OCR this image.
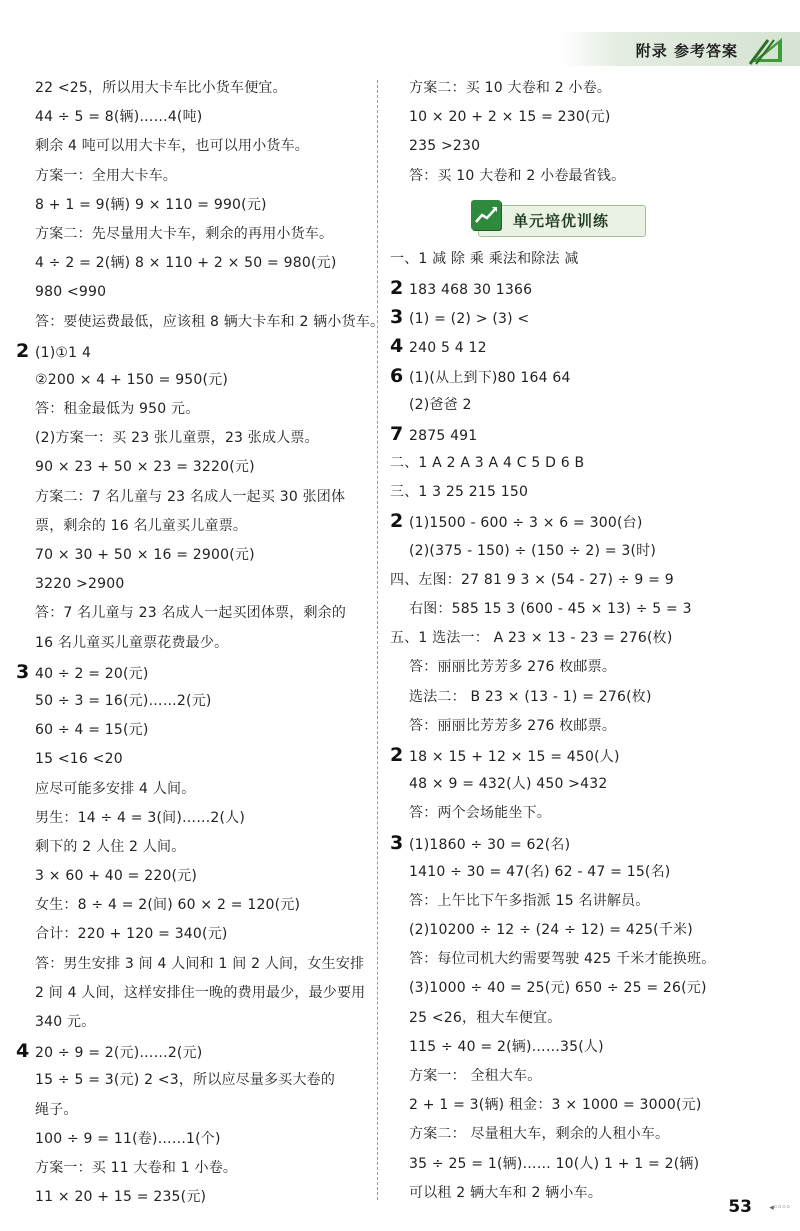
附录 参考答案
22 <25，所以用大卡车比小货车便宜。
44 ÷ 5 = 8(辆)……4(吨)
剩余 4 吨可以用大卡车，也可以用小货车。
方案一：全用大卡车。
8 + 1 = 9(辆) 9 × 110 = 990(元)
方案二：先尽量用大卡车，剩余的再用小货车。
4 ÷ 2 = 2(辆) 8 × 110 + 2 × 50 = 980(元)
980 <990
答：要使运费最低，应该租 8 辆大卡车和 2 辆小货车。
2 (1)①1 4
②200 × 4 + 150 = 950(元)
答：租金最低为 950 元。
(2)方案一：买 23 张儿童票，23 张成人票。
90 × 23 + 50 × 23 = 3220(元)
方案二：7 名儿童与 23 名成人一起买 30 张团体
票，剩余的 16 名儿童买儿童票。
70 × 30 + 50 × 16 = 2900(元)
3220 >2900
答：7 名儿童与 23 名成人一起买团体票，剩余的
16 名儿童买儿童票花费最少。
3 40 ÷ 2 = 20(元)
50 ÷ 3 = 16(元)……2(元)
60 ÷ 4 = 15(元)
15 <16 <20
应尽可能多安排 4 人间。
男生：14 ÷ 4 = 3(间)……2(人)
剩下的 2 人住 2 人间。
3 × 60 + 40 = 220(元)
女生：8 ÷ 4 = 2(间) 60 × 2 = 120(元)
合计：220 + 120 = 340(元)
答：男生安排 3 间 4 人间和 1 间 2 人间，女生安排
2 间 4 人间，这样安排住一晚的费用最少，最少要用
340 元。
4 20 ÷ 9 = 2(元)……2(元)
15 ÷ 5 = 3(元) 2 <3，所以应尽量多买大卷的
绳子。
100 ÷ 9 = 11(卷)……1(个)
方案一：买 11 大卷和 1 小卷。
11 × 20 + 15 = 235(元)
方案二：买 10 大卷和 2 小卷。
10 × 20 + 2 × 15 = 230(元)
235 >230
答：买 10 大卷和 2 小卷最省钱。
单元培优训练
一、1 减 除 乘 乘法和除法 减
2 183 468 30 1366
3 (1) = (2) > (3) <
4 240 5 4 12
6 (1)(从上到下)80 164 64
(2)爸爸 2
7 2875 491
二、1 A 2 A 3 A 4 C 5 D 6 B
三、1 3 25 215 150
2 (1)1500 - 600 ÷ 3 × 6 = 300(台)
(2)(375 - 150) ÷ (150 ÷ 2) = 3(时)
四、左图：27 81 9 3 × (54 - 27) ÷ 9 = 9
右图：585 15 3 (600 - 45 × 13) ÷ 5 = 3
五、1 选法一： A 23 × 13 - 23 = 276(枚)
答：丽丽比芳芳多 276 枚邮票。
选法二： B 23 × (13 - 1) = 276(枚)
答：丽丽比芳芳多 276 枚邮票。
2 18 × 15 + 12 × 15 = 450(人)
48 × 9 = 432(人) 450 >432
答：两个会场能坐下。
3 (1)1860 ÷ 30 = 62(名)
1410 ÷ 30 = 47(名) 62 - 47 = 15(名)
答：上午比下午多指派 15 名讲解员。
(2)10200 ÷ 12 ÷ (24 ÷ 12) = 425(千米)
答：每位司机大约需要驾驶 425 千米才能换班。
(3)1000 ÷ 40 = 25(元) 650 ÷ 25 = 26(元)
25 <26，租大车便宜。
115 ÷ 40 = 2(辆)……35(人)
方案一： 全租大车。
2 + 1 = 3(辆) 租金：3 × 1000 = 3000(元)
方案二： 尽量租大车，剩余的人租小车。
35 ÷ 25 = 1(辆)…… 10(人) 1 + 1 = 2(辆)
可以租 2 辆大车和 2 辆小车。
53 ◂◦◦◦◦
